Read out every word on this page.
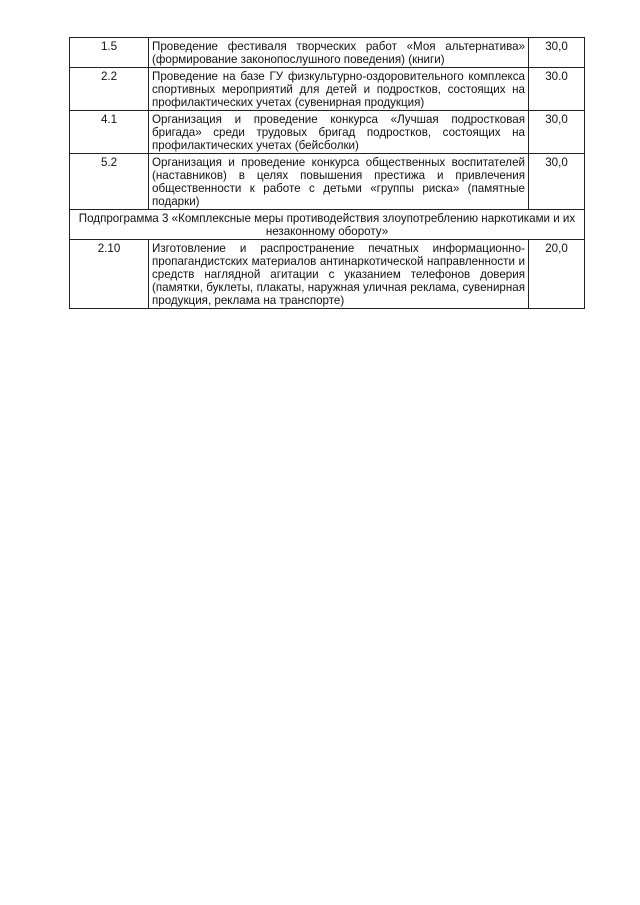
1.5	Проведение фестиваля творческих работ «Моя альтернатива» (формирование законопослушного поведения) (книги)	30,0
2.2	Проведение на базе ГУ физкультурно-оздоровительного комплекса спортивных мероприятий для детей и подростков, состоящих на профилактических учетах (сувенирная продукция)	30.0
4.1	Организация и проведение конкурса «Лучшая подростковая бригада» среди трудовых бригад подростков, состоящих на профилактических учетах (бейсболки)	30,0
5.2	Организация и проведение конкурса общественных воспитателей (наставников) в целях повышения престижа и привлечения общественности к работе с детьми «группы риска» (памятные подарки)	30,0
Подпрограмма 3 «Комплексные меры противодействия злоупотреблению наркотиками и их незаконному обороту»		
2.10	Изготовление и распространение печатных информационно-пропагандистских материалов антинаркотической направленности и средств наглядной агитации с указанием телефонов доверия (памятки, буклеты, плакаты, наружная уличная реклама, сувенирная продукция, реклама на транспорте)	20,0
